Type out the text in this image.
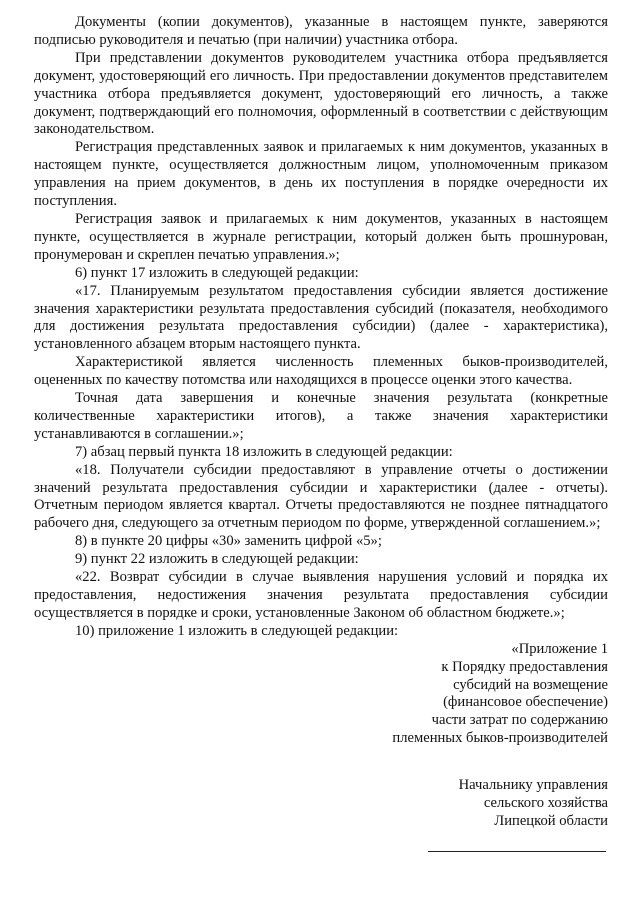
Документы (копии документов), указанные в настоящем пункте, заверяются подписью руководителя и печатью (при наличии) участника отбора.

При представлении документов руководителем участника отбора предъявляется документ, удостоверяющий его личность. При предоставлении документов представителем участника отбора предъявляется документ, удостоверяющий его личность, а также документ, подтверждающий его полномочия, оформленный в соответствии с действующим законодательством.

Регистрация представленных заявок и прилагаемых к ним документов, указанных в настоящем пункте, осуществляется должностным лицом, уполномоченным приказом управления на прием документов, в день их поступления в порядке очередности их поступления.

Регистрация заявок и прилагаемых к ним документов, указанных в настоящем пункте, осуществляется в журнале регистрации, который должен быть прошнурован, пронумерован и скреплен печатью управления.»;

6) пункт 17 изложить в следующей редакции:

«17. Планируемым результатом предоставления субсидии является достижение значения характеристики результата предоставления субсидий (показателя, необходимого для достижения результата предоставления субсидии) (далее - характеристика), установленного абзацем вторым настоящего пункта.

Характеристикой является численность племенных быков-производителей, оцененных по качеству потомства или находящихся в процессе оценки этого качества.

Точная дата завершения и конечные значения результата (конкретные количественные характеристики итогов), а также значения характеристики устанавливаются в соглашении.»;

7) абзац первый пункта 18 изложить в следующей редакции:

«18. Получатели субсидии предоставляют в управление отчеты о достижении значений результата предоставления субсидии и характеристики (далее - отчеты). Отчетным периодом является квартал. Отчеты предоставляются не позднее пятнадцатого рабочего дня, следующего за отчетным периодом по форме, утвержденной соглашением.»;

8) в пункте 20 цифры «30» заменить цифрой «5»;

9) пункт 22 изложить в следующей редакции:

«22. Возврат субсидии в случае выявления нарушения условий и порядка их предоставления, недостижения значения результата предоставления субсидии осуществляется в порядке и сроки, установленные Законом об областном бюджете.»;

10) приложение 1 изложить в следующей редакции:

«Приложение 1
к Порядку предоставления
субсидий на возмещение
(финансовое обеспечение)
части затрат по содержанию
племенных быков-производителей
Начальнику управления
сельского хозяйства
Липецкой области
